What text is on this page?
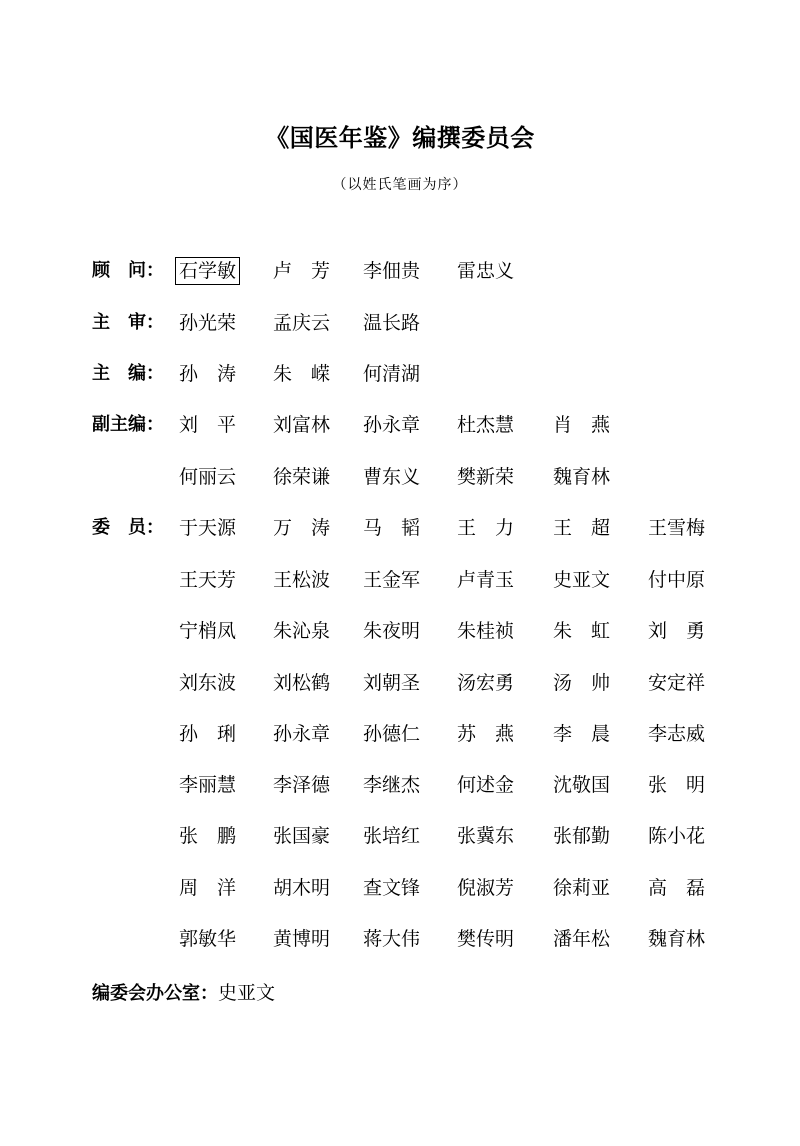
《国医年鉴》编撰委员会
（以姓氏笔画为序）
顾　问： 石学敏 卢　芳 李佃贵 雷忠义
主　审： 孙光荣 孟庆云 温长路
主　编： 孙　涛 朱　嵘 何清湖
副主编： 刘　平 刘富林 孙永章 杜杰慧 肖　燕
何丽云 徐荣谦 曹东义 樊新荣 魏育林
委　员： 于天源 万　涛 马　韬 王　力 王　超 王雪梅
王天芳 王松波 王金军 卢青玉 史亚文 付中原
宁梢凤 朱沁泉 朱夜明 朱桂祯 朱　虹 刘　勇
刘东波 刘松鹤 刘朝圣 汤宏勇 汤　帅 安定祥
孙　琍 孙永章 孙德仁 苏　燕 李　晨 李志威
李丽慧 李泽德 李继杰 何述金 沈敬国 张　明
张　鹏 张国豪 张培红 张冀东 张郁勤 陈小花
周　洋 胡木明 查文锋 倪淑芳 徐莉亚 高　磊
郭敏华 黄博明 蒋大伟 樊传明 潘年松 魏育林
编委会办公室：史亚文
